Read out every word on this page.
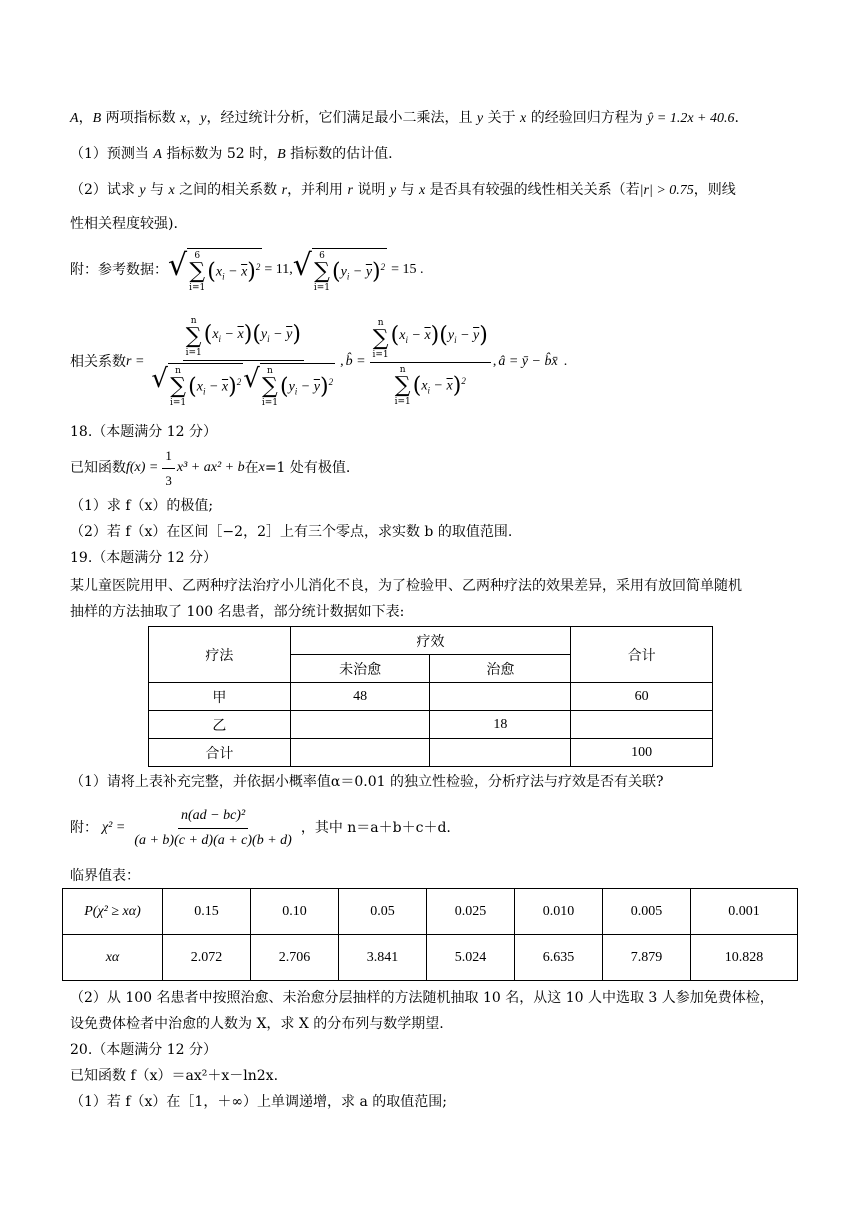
A，B 两项指标数 x，y，经过统计分析，它们满足最小二乘法，且 y 关于 x 的经验回归方程为 ŷ = 1.2x + 40.6.
（1）预测当 A 指标数为 52 时，B 指标数的估计值.
（2）试求 y 与 x 之间的相关系数 r，并利用 r 说明 y 与 x 是否具有较强的线性相关关系（若|r| > 0.75，则线
性相关程度较强).
附：参考数据： √ 6
∑
i=1
$(x_i - \overline{x})^2 = 11$, √ 6
∑
i=1
$(y_i - \overline{y})^2 = 15$ .
相关系数 r = n
∑
i=1
$(x_i - \overline{x})(y_i - \overline{y})$
√ n
∑
i=1
$(x_i - \overline{x})^2$ √ n
∑
i=1
$(y_i - \overline{y})^2$ , b̂ = n
∑
i=1
$(x_i - \overline{x})(y_i - \overline{y})$
n
∑
i=1
$(x_i - \overline{x})^2$ , â = ȳ − b̂x̄ .
18.（本题满分 12 分）
已知函数 $f(x) = \frac{1}{3} x^3 + ax^2 + b$ 在 x =1 处有极值.
（1）求 f（x）的极值;
（2）若 f（x）在区间［−2，2］上有三个零点，求实数 b 的取值范围.
19.（本题满分 12 分）
某儿童医院用甲、乙两种疗法治疗小儿消化不良，为了检验甲、乙两种疗法的效果差异，采用有放回简单随机
抽样的方法抽取了 100 名患者，部分统计数据如下表:
疗法	疗效		合计
	未治愈	治愈	
甲	48		60
乙		18	
合计			100
（1）请将上表补充完整，并依据小概率值α＝0.01 的独立性检验，分析疗法与疗效是否有关联?
附： $\chi^2 = \frac{\text{n(ad − bc)²}}{(a + b)(c + d)(a + c)(b + d)}$ ，其中 n＝a＋b＋c＋d.
临界值表：
P(χ² ≥ xα)	0.15	0.10	0.05	0.025	0.010	0.005	0.001
xα	2.072	2.706	3.841	5.024	6.635	7.879	10.828
（2）从 100 名患者中按照治愈、未治愈分层抽样的方法随机抽取 10 名，从这 10 人中选取 3 人参加免费体检，
设免费体检者中治愈的人数为 X，求 X 的分布列与数学期望.
20.（本题满分 12 分）
已知函数 f（x）＝ax²＋x－ln2x.
（1）若 f（x）在［1，＋∞）上单调递增，求 a 的取值范围;
